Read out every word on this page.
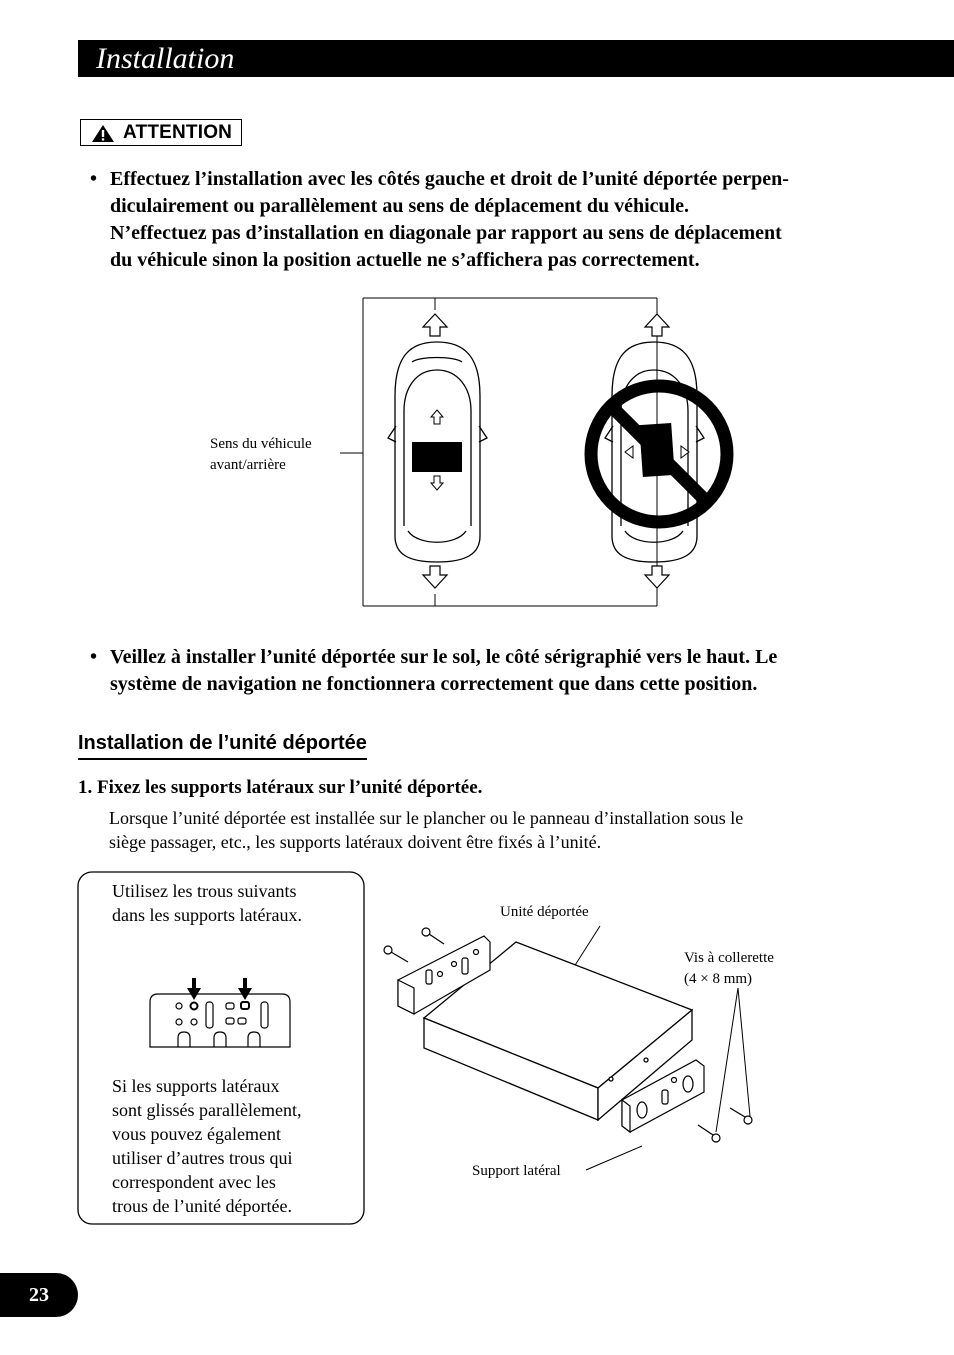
Installation
ATTENTION
• Effectuez l’installation avec les côtés gauche et droit de l’unité déportée perpen-
diculairement ou parallèlement au sens de déplacement du véhicule.
N’effectuez pas d’installation en diagonale par rapport au sens de déplacement
du véhicule sinon la position actuelle ne s’affichera pas correctement.
Sens du véhicule
avant/arrière
• Veillez à installer l’unité déportée sur le sol, le côté sérigraphié vers le haut. Le
système de navigation ne fonctionnera correctement que dans cette position.
Installation de l’unité déportée
1. Fixez les supports latéraux sur l’unité déportée.
Lorsque l’unité déportée est installée sur le plancher ou le panneau d’installation sous le
siège passager, etc., les supports latéraux doivent être fixés à l’unité.
Utilisez les trous suivants
dans les supports latéraux.
Si les supports latéraux
sont glissés parallèlement,
vous pouvez également
utiliser d’autres trous qui
correspondent avec les
trous de l’unité déportée.
Unité déportée
Vis à collerette
(4 × 8 mm)
Support latéral
23
